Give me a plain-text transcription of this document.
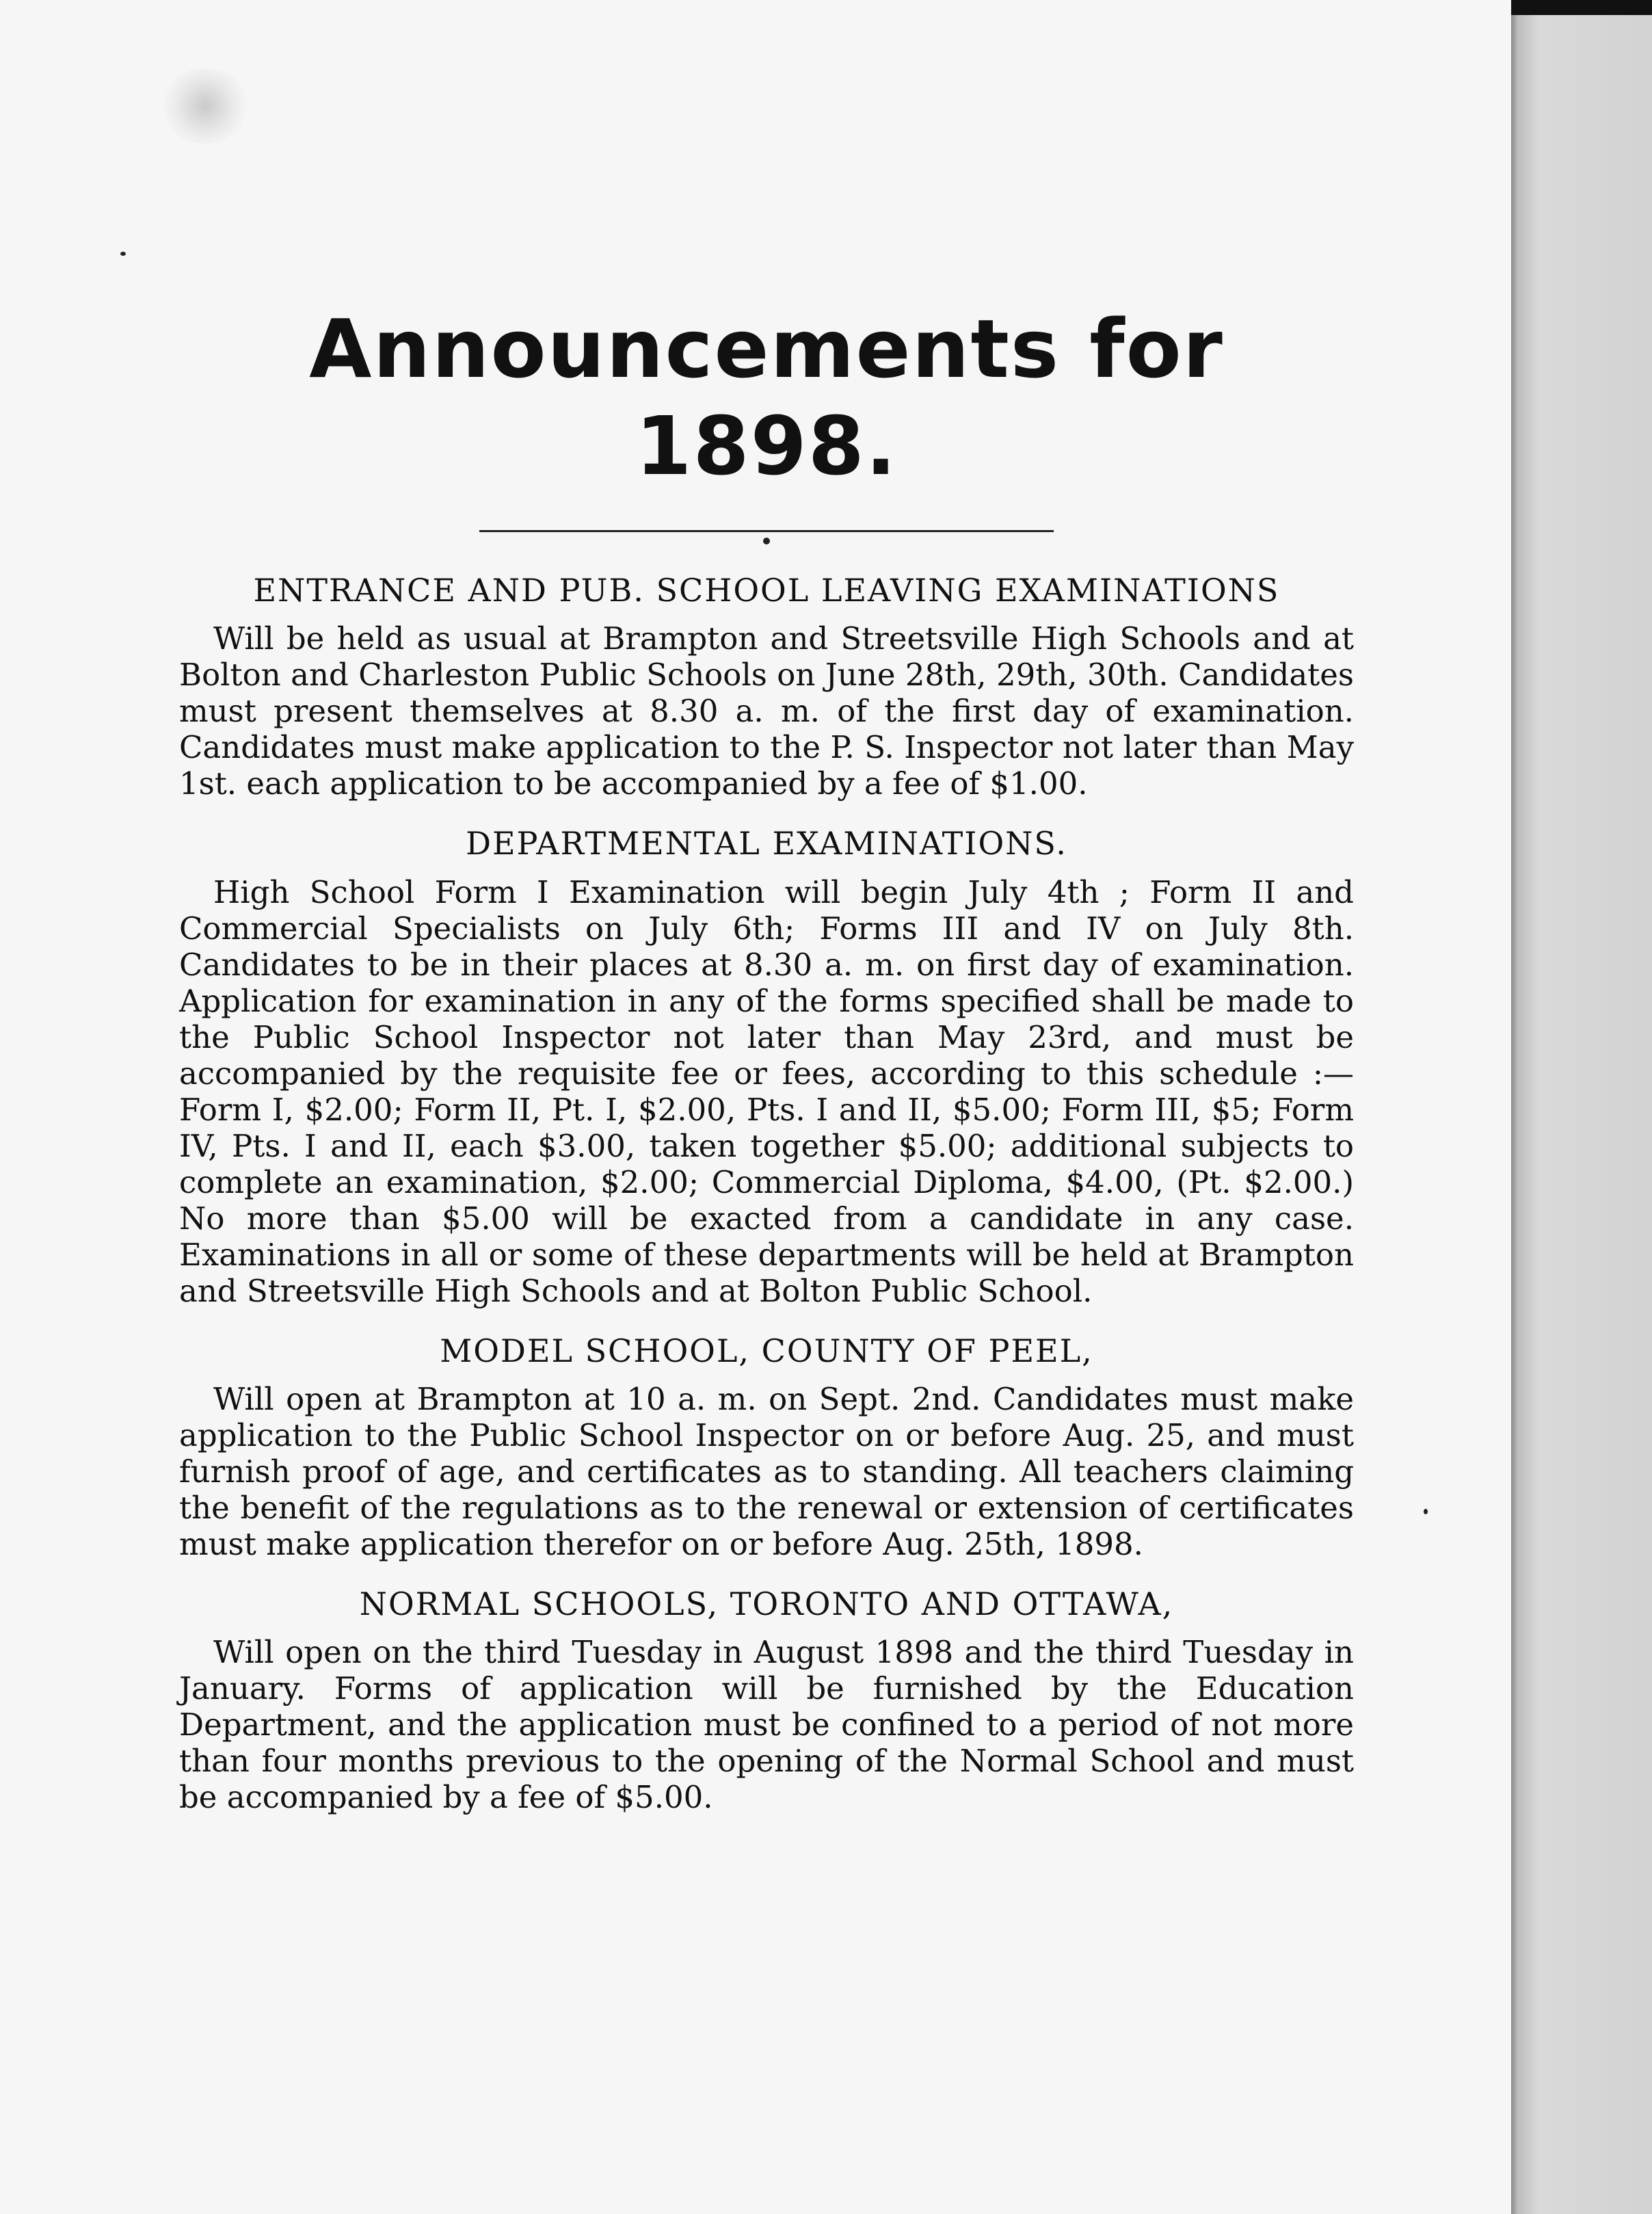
Announcements for 1898.
ENTRANCE AND PUB. SCHOOL LEAVING EXAMINATIONS

Will be held as usual at Brampton and Streetsville High Schools and at Bolton and Charleston Public Schools on June 28th, 29th, 30th. Candidates must present themselves at 8.30 a. m. of the first day of examination. Candidates must make application to the P. S. Inspector not later than May 1st. each application to be accompanied by a fee of $1.00.

DEPARTMENTAL EXAMINATIONS.

High School Form I Examination will begin July 4th ; Form II and Commercial Specialists on July 6th; Forms III and IV on July 8th. Candidates to be in their places at 8.30 a. m. on first day of examination. Application for examination in any of the forms specified shall be made to the Public School Inspector not later than May 23rd, and must be accompanied by the requisite fee or fees, according to this schedule :—Form I, $2.00; Form II, Pt. I, $2.00, Pts. I and II, $5.00; Form III, $5; Form IV, Pts. I and II, each $3.00, taken together $5.00; additional subjects to complete an examination, $2.00; Commercial Diploma, $4.00, (Pt. $2.00.) No more than $5.00 will be exacted from a candidate in any case. Examinations in all or some of these departments will be held at Brampton and Streetsville High Schools and at Bolton Public School.

MODEL SCHOOL, COUNTY OF PEEL,

Will open at Brampton at 10 a. m. on Sept. 2nd. Candidates must make application to the Public School Inspector on or before Aug. 25, and must furnish proof of age, and certificates as to standing. All teachers claiming the benefit of the regulations as to the renewal or extension of certificates must make application therefor on or before Aug. 25th, 1898.

NORMAL SCHOOLS, TORONTO AND OTTAWA,

Will open on the third Tuesday in August 1898 and the third Tuesday in January. Forms of application will be furnished by the Education Department, and the application must be confined to a period of not more than four months previous to the opening of the Normal School and must be accompanied by a fee of $5.00.
